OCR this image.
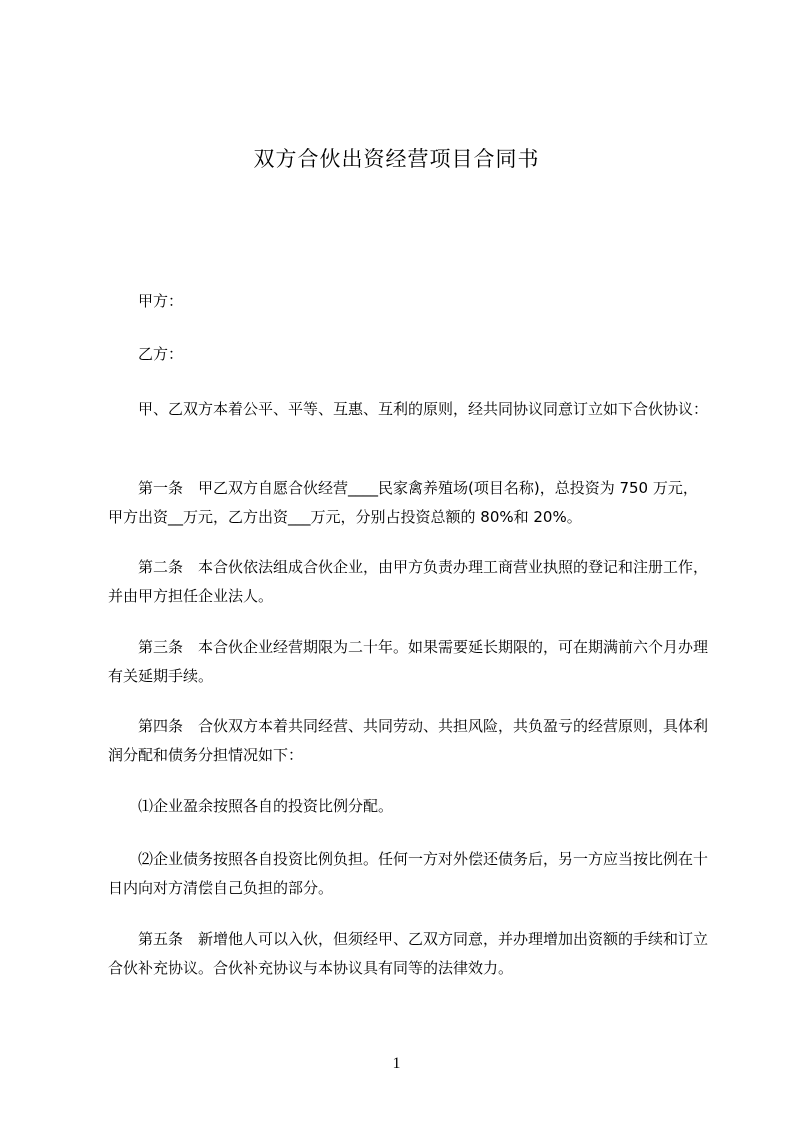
双方合伙出资经营项目合同书

甲方：

乙方：

甲、乙双方本着公平、平等、互惠、互利的原则，经共同协议同意订立如下合伙协议：

第一条　甲乙双方自愿合伙经营____民家禽养殖场(项目名称)，总投资为 750 万元，甲方出资__万元，乙方出资___万元，分别占投资总额的 80%和 20%。

第二条　本合伙依法组成合伙企业，由甲方负责办理工商营业执照的登记和注册工作，并由甲方担任企业法人。

第三条　本合伙企业经营期限为二十年。如果需要延长期限的，可在期满前六个月办理有关延期手续。

第四条　合伙双方本着共同经营、共同劳动、共担风险，共负盈亏的经营原则，具体利润分配和债务分担情况如下：

⑴企业盈余按照各自的投资比例分配。

⑵企业债务按照各自投资比例负担。任何一方对外偿还债务后，另一方应当按比例在十日内向对方清偿自己负担的部分。

第五条　新增他人可以入伙，但须经甲、乙双方同意，并办理增加出资额的手续和订立合伙补充协议。合伙补充协议与本协议具有同等的法律效力。

1
